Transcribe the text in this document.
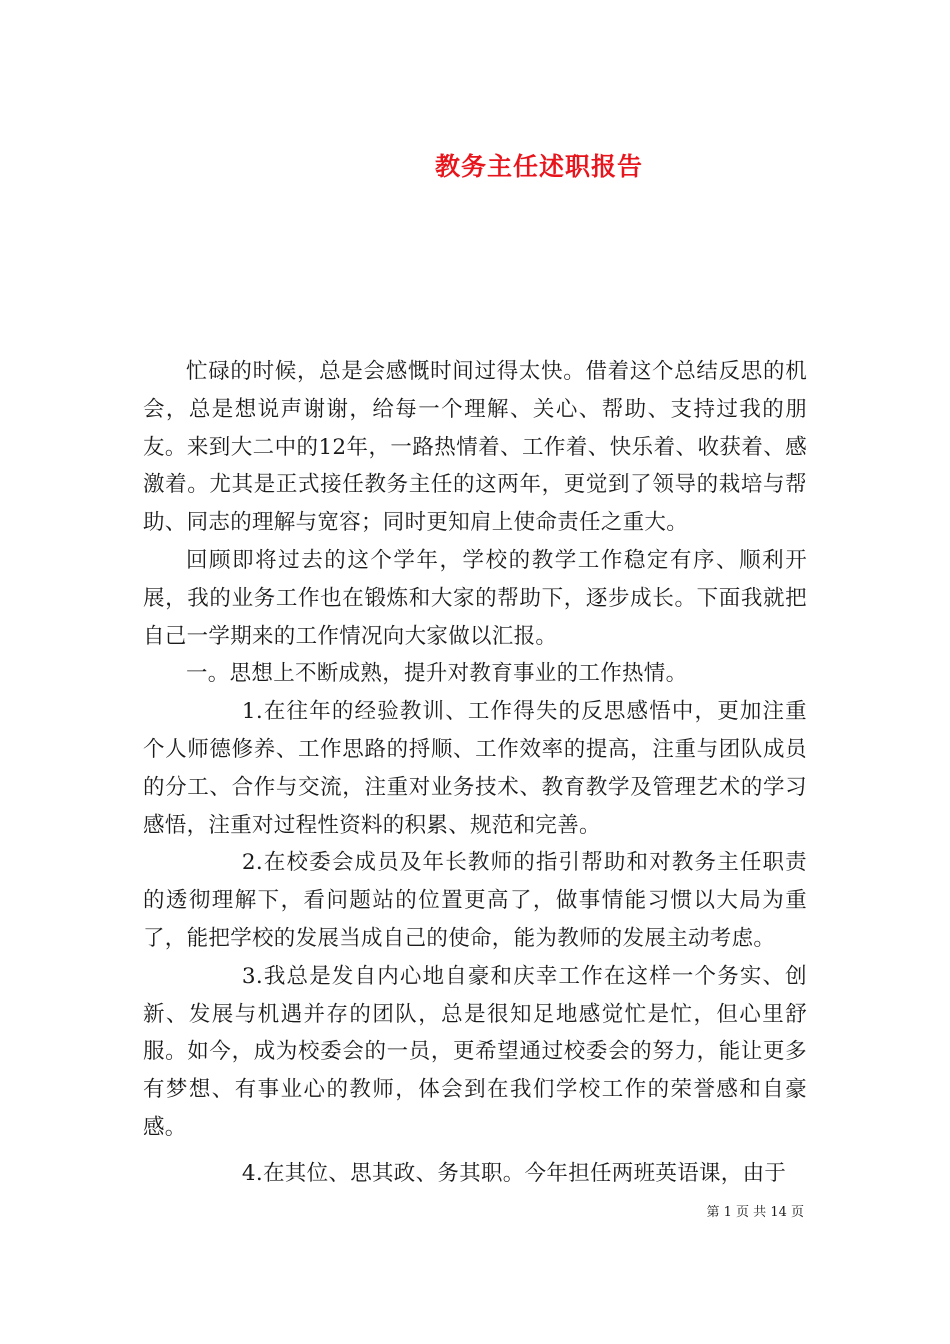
教务主任述职报告

忙碌的时候，总是会感慨时间过得太快。借着这个总结反思的机会，总是想说声谢谢，给每一个理解、关心、帮助、支持过我的朋友。来到大二中的12年，一路热情着、工作着、快乐着、收获着、感激着。尤其是正式接任教务主任的这两年，更觉到了领导的栽培与帮助、同志的理解与宽容；同时更知肩上使命责任之重大。

回顾即将过去的这个学年，学校的教学工作稳定有序、顺利开展，我的业务工作也在锻炼和大家的帮助下，逐步成长。下面我就把自己一学期来的工作情况向大家做以汇报。

一。思想上不断成熟，提升对教育事业的工作热情。

1.在往年的经验教训、工作得失的反思感悟中，更加注重个人师德修养、工作思路的捋顺、工作效率的提高，注重与团队成员的分工、合作与交流，注重对业务技术、教育教学及管理艺术的学习感悟，注重对过程性资料的积累、规范和完善。

2.在校委会成员及年长教师的指引帮助和对教务主任职责的透彻理解下，看问题站的位置更高了，做事情能习惯以大局为重了，能把学校的发展当成自己的使命，能为教师的发展主动考虑。

3.我总是发自内心地自豪和庆幸工作在这样一个务实、创新、发展与机遇并存的团队，总是很知足地感觉忙是忙，但心里舒服。如今，成为校委会的一员，更希望通过校委会的努力，能让更多有梦想、有事业心的教师，体会到在我们学校工作的荣誉感和自豪感。

4.在其位、思其政、务其职。今年担任两班英语课，由于

第 1 页 共 14 页
